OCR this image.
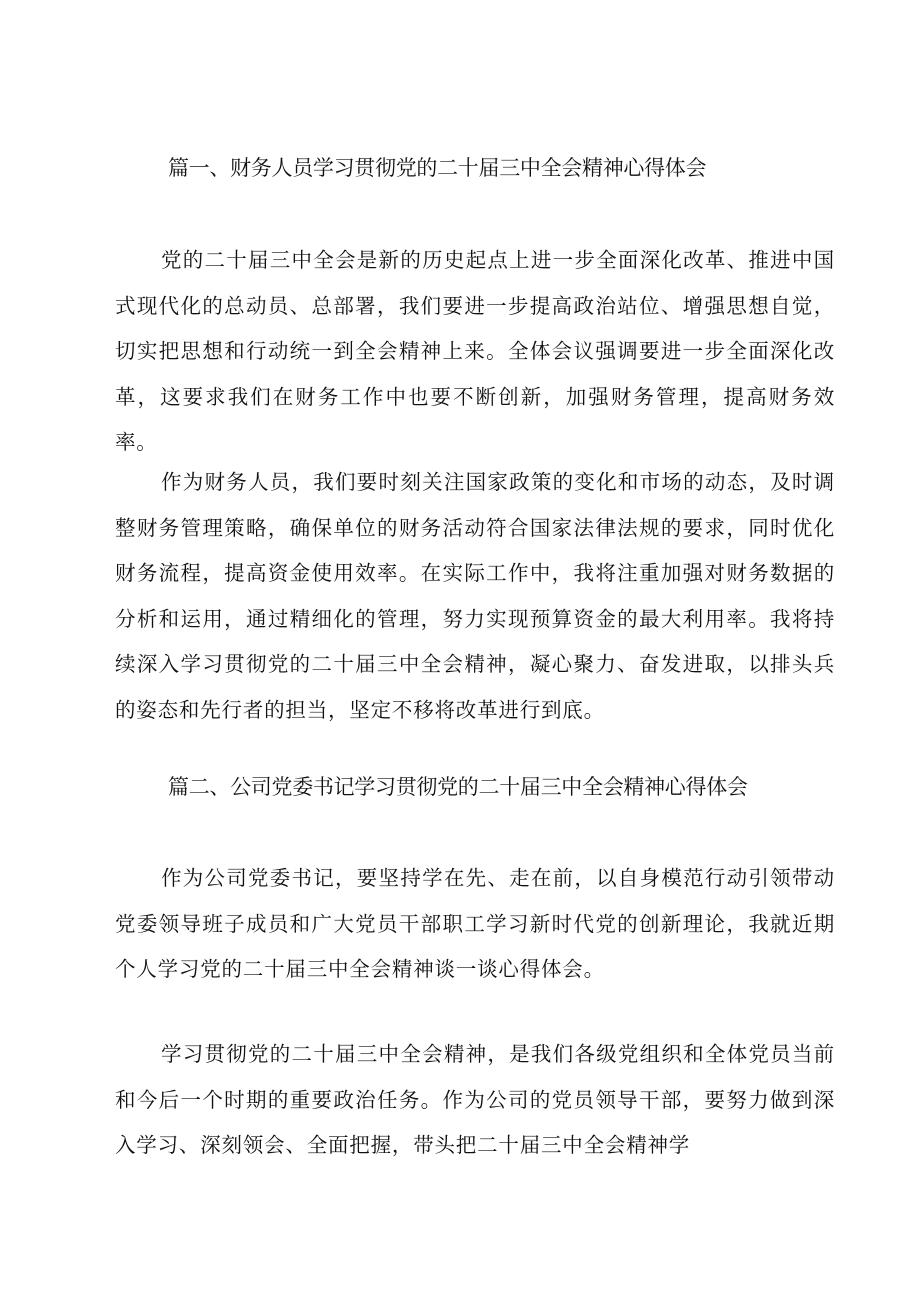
篇一、财务人员学习贯彻党的二十届三中全会精神心得体会

党的二十届三中全会是新的历史起点上进一步全面深化改革、推进中国式现代化的总动员、总部署，我们要进一步提高政治站位、增强思想自觉，切实把思想和行动统一到全会精神上来。全体会议强调要进一步全面深化改革，这要求我们在财务工作中也要不断创新，加强财务管理，提高财务效率。

作为财务人员，我们要时刻关注国家政策的变化和市场的动态，及时调整财务管理策略，确保单位的财务活动符合国家法律法规的要求，同时优化财务流程，提高资金使用效率。在实际工作中，我将注重加强对财务数据的分析和运用，通过精细化的管理，努力实现预算资金的最大利用率。我将持续深入学习贯彻党的二十届三中全会精神，凝心聚力、奋发进取，以排头兵的姿态和先行者的担当，坚定不移将改革进行到底。

篇二、公司党委书记学习贯彻党的二十届三中全会精神心得体会

作为公司党委书记，要坚持学在先、走在前，以自身模范行动引领带动党委领导班子成员和广大党员干部职工学习新时代党的创新理论，我就近期个人学习党的二十届三中全会精神谈一谈心得体会。

学习贯彻党的二十届三中全会精神，是我们各级党组织和全体党员当前和今后一个时期的重要政治任务。作为公司的党员领导干部，要努力做到深入学习、深刻领会、全面把握，带头把二十届三中全会精神学
